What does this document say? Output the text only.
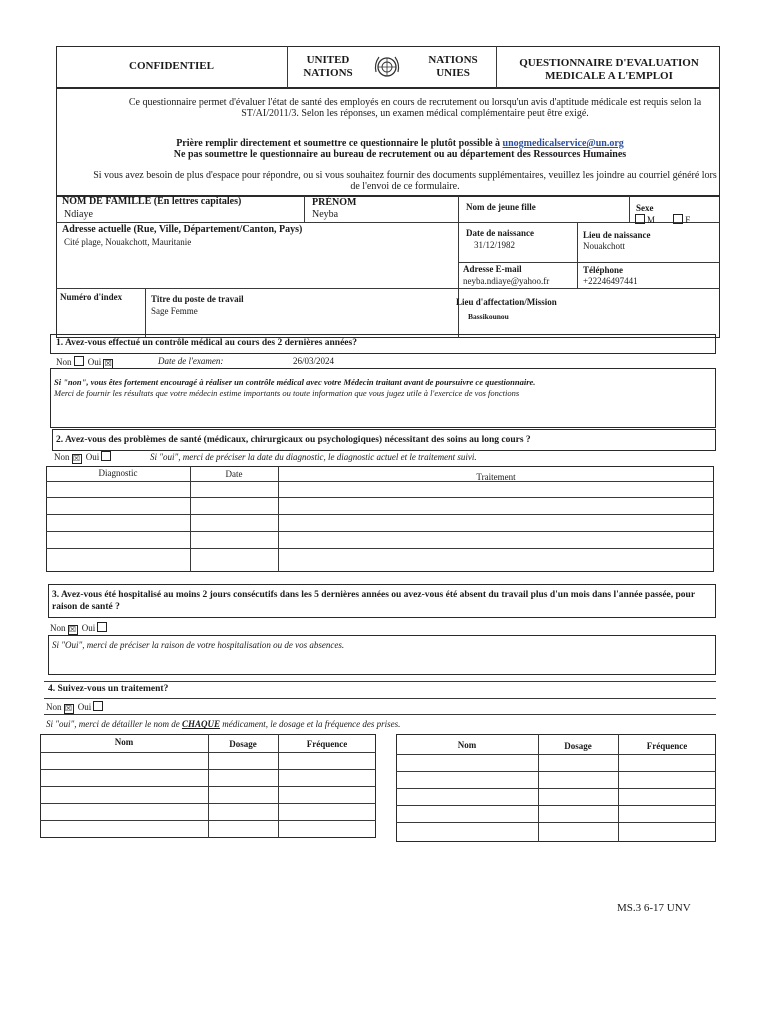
CONFIDENTIEL	UNITED
NATIONS
NATIONS
UNIES
QUESTIONNAIRE D'EVALUATION
MEDICALE A L'EMPLOI
Ce questionnaire permet d'évaluer l'état de santé des employés en cours de recrutement ou lorsqu'un avis d'aptitude médicale est requis selon la ST/AI/2011/3. Selon les réponses, un examen médical complémentaire peut être exigé.
Prière remplir directement et soumettre ce questionnaire le plutôt possible à unogmedicalservice@un.org
Ne pas soumettre le questionnaire au bureau de recrutement ou au département des Ressources Humaines
Si vous avez besoin de plus d'espace pour répondre, ou si vous souhaitez fournir des documents supplémentaires, veuillez les joindre au courriel généré lors de l'envoi de ce formulaire.
NOM DE FAMILLE (En lettres capitales)
Ndiaye
PRÉNOM
Neyba
Nom de jeune fille	Sexe
M	F
Adresse actuelle (Rue, Ville, Département/Canton, Pays)
Cité plage, Nouakchott, Mauritanie
Date de naissance
31/12/1982
Lieu de naissance
Nouakchott
Adresse E-mail
neyba.ndiaye@yahoo.fr
Téléphone
+22246497441
Numéro d'index	Titre du poste de travail
Sage Femme
Lieu d'affectation/Mission
Bassikounou
1. Avez-vous effectué un contrôle médical au cours des 2 dernières années?
Non Oui ☒	Date de l'examen:	26/03/2024
Si "non", vous êtes fortement encouragé à réaliser un contrôle médical avec votre Médecin traitant avant de poursuivre ce questionnaire.
Merci de fournir les résultats que votre médecin estime importants ou toute information que vous jugez utile à l'exercice de vos fonctions
2. Avez-vous des problèmes de santé (médicaux, chirurgicaux ou psychologiques) nécessitant des soins au long cours ?
Non ☒ Oui	Si "oui", merci de préciser la date du diagnostic, le diagnostic actuel et le traitement suivi.
Diagnostic	Date	Traitement
3. Avez-vous été hospitalisé au moins 2 jours consécutifs dans les 5 dernières années ou avez-vous été absent du travail plus d'un mois dans l'année passée, pour raison de santé ?
Non ☒ Oui
Si "Oui", merci de préciser la raison de votre hospitalisation ou de vos absences.
4. Suivez-vous un traitement?
Non ☒ Oui
Si "oui", merci de détailler le nom de CHAQUE médicament, le dosage et la fréquence des prises.
Nom	Dosage	Fréquence	Nom	Dosage	Fréquence
MS.3 6-17 UNV
